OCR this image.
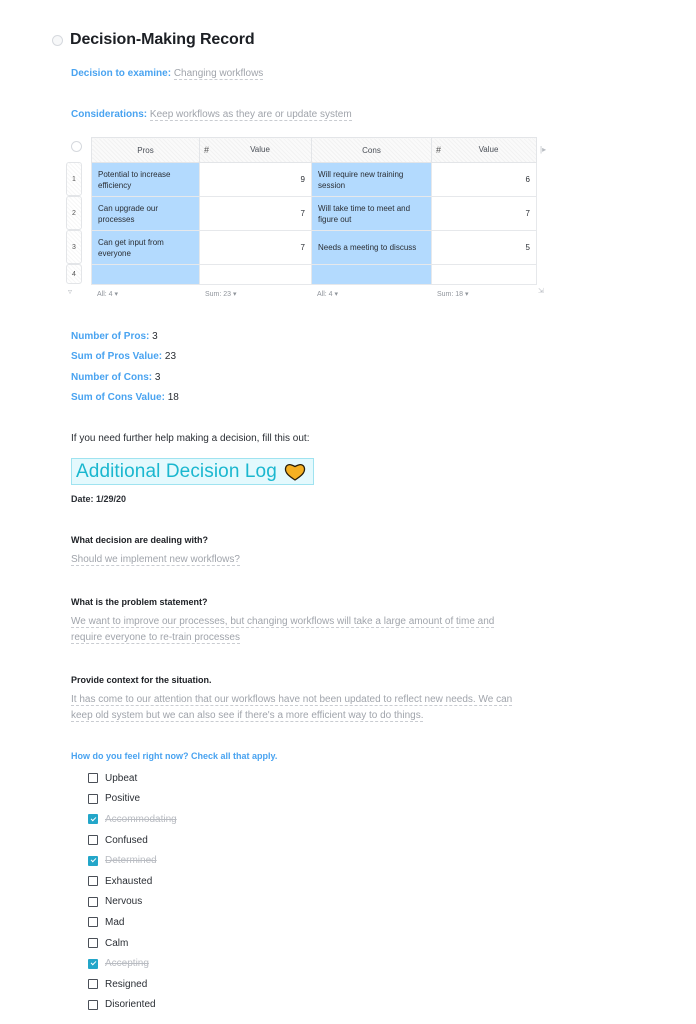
Decision-Making Record
Decision to examine: Changing workflows
Considerations: Keep workflows as they are or update system
1
2
3
4
Pros	# Value	Cons	# Value
Potential to increase efficiency	9	Will require new training session	6
Can upgrade our processes	7	Will take time to meet and figure out	7
Can get input from everyone	7	Needs a meeting to discuss	5

|▸
▿	All: 4 ▾	Sum: 23 ▾	All: 4 ▾	Sum: 18 ▾	⇲
Number of Pros: 3
Sum of Pros Value: 23
Number of Cons: 3
Sum of Cons Value: 18

If you need further help making a decision, fill this out:

Additional Decision Log
Date: 1/29/20
What decision are dealing with?
Should we implement new workflows?
What is the problem statement?
We want to improve our processes, but changing workflows will take a large amount of time and require everyone to re-train processes
Provide context for the situation.
It has come to our attention that our workflows have not been updated to reflect new needs. We can keep old system but we can also see if there's a more efficient way to do things.
How do you feel right now? Check all that apply.
Upbeat
Positive
Accommodating
Confused
Determined
Exhausted
Nervous
Mad
Calm
Accepting
Resigned
Disoriented
